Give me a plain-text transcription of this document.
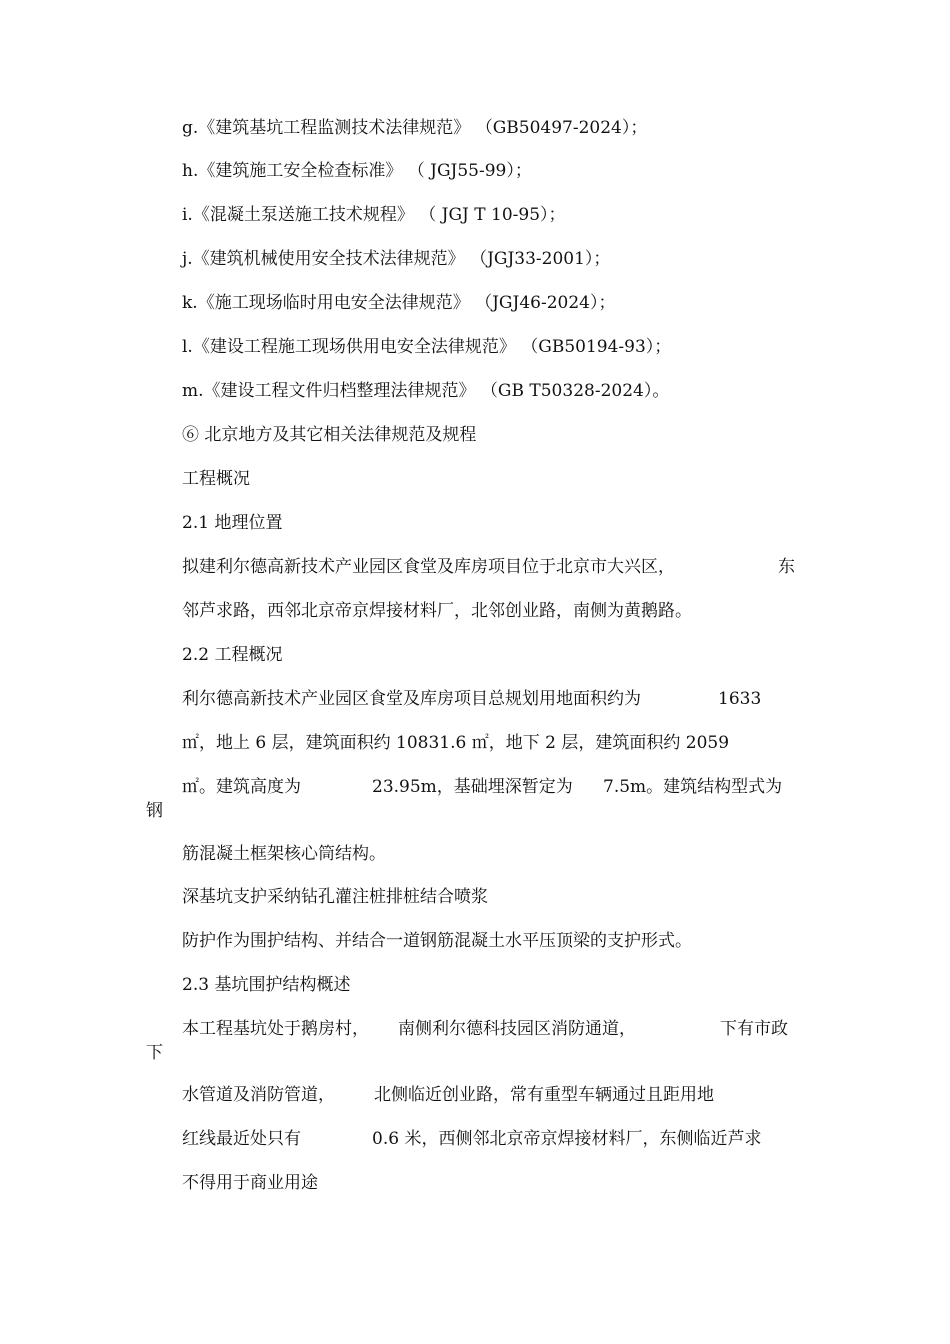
g.《建筑基坑工程监测技术法律规范》 （GB50497-2024）；
h.《建筑施工安全检查标准》 （ JGJ55-99）；
i.《混凝土泵送施工技术规程》 （ JGJ T 10-95）；
j.《建筑机械使用安全技术法律规范》 （JGJ33-2001）；
k.《施工现场临时用电安全法律规范》 （JGJ46-2024）；
l.《建设工程施工现场供用电安全法律规范》 （GB50194-93）；
m.《建设工程文件归档整理法律规范》 （GB T50328-2024）。
⑥ 北京地方及其它相关法律规范及规程
工程概况
2.1 地理位置
拟建利尔德高新技术产业园区食堂及库房项目位于北京市大兴区，	东
邻芦求路，西邻北京帝京焊接材料厂，北邻创业路，南侧为黄鹅路。
2.2 工程概况
利尔德高新技术产业园区食堂及库房项目总规划用地面积约为	1633
㎡，地上 6 层，建筑面积约 10831.6 ㎡，地下 2 层，建筑面积约 2059
㎡。建筑高度为	23.95m，基础埋深暂定为 7.5m。建筑结构型式为
钢
筋混凝土框架核心筒结构。
深基坑支护采纳钻孔灌注桩排桩结合喷浆
防护作为围护结构、并结合一道钢筋混凝土水平压顶梁的支护形式。
2.3 基坑围护结构概述
本工程基坑处于鹅房村， 南侧利尔德科技园区消防通道，	下有市政
下
水管道及消防管道， 北侧临近创业路，常有重型车辆通过且距用地
红线最近处只有	0.6 米，西侧邻北京帝京焊接材料厂，东侧临近芦求
不得用于商业用途
